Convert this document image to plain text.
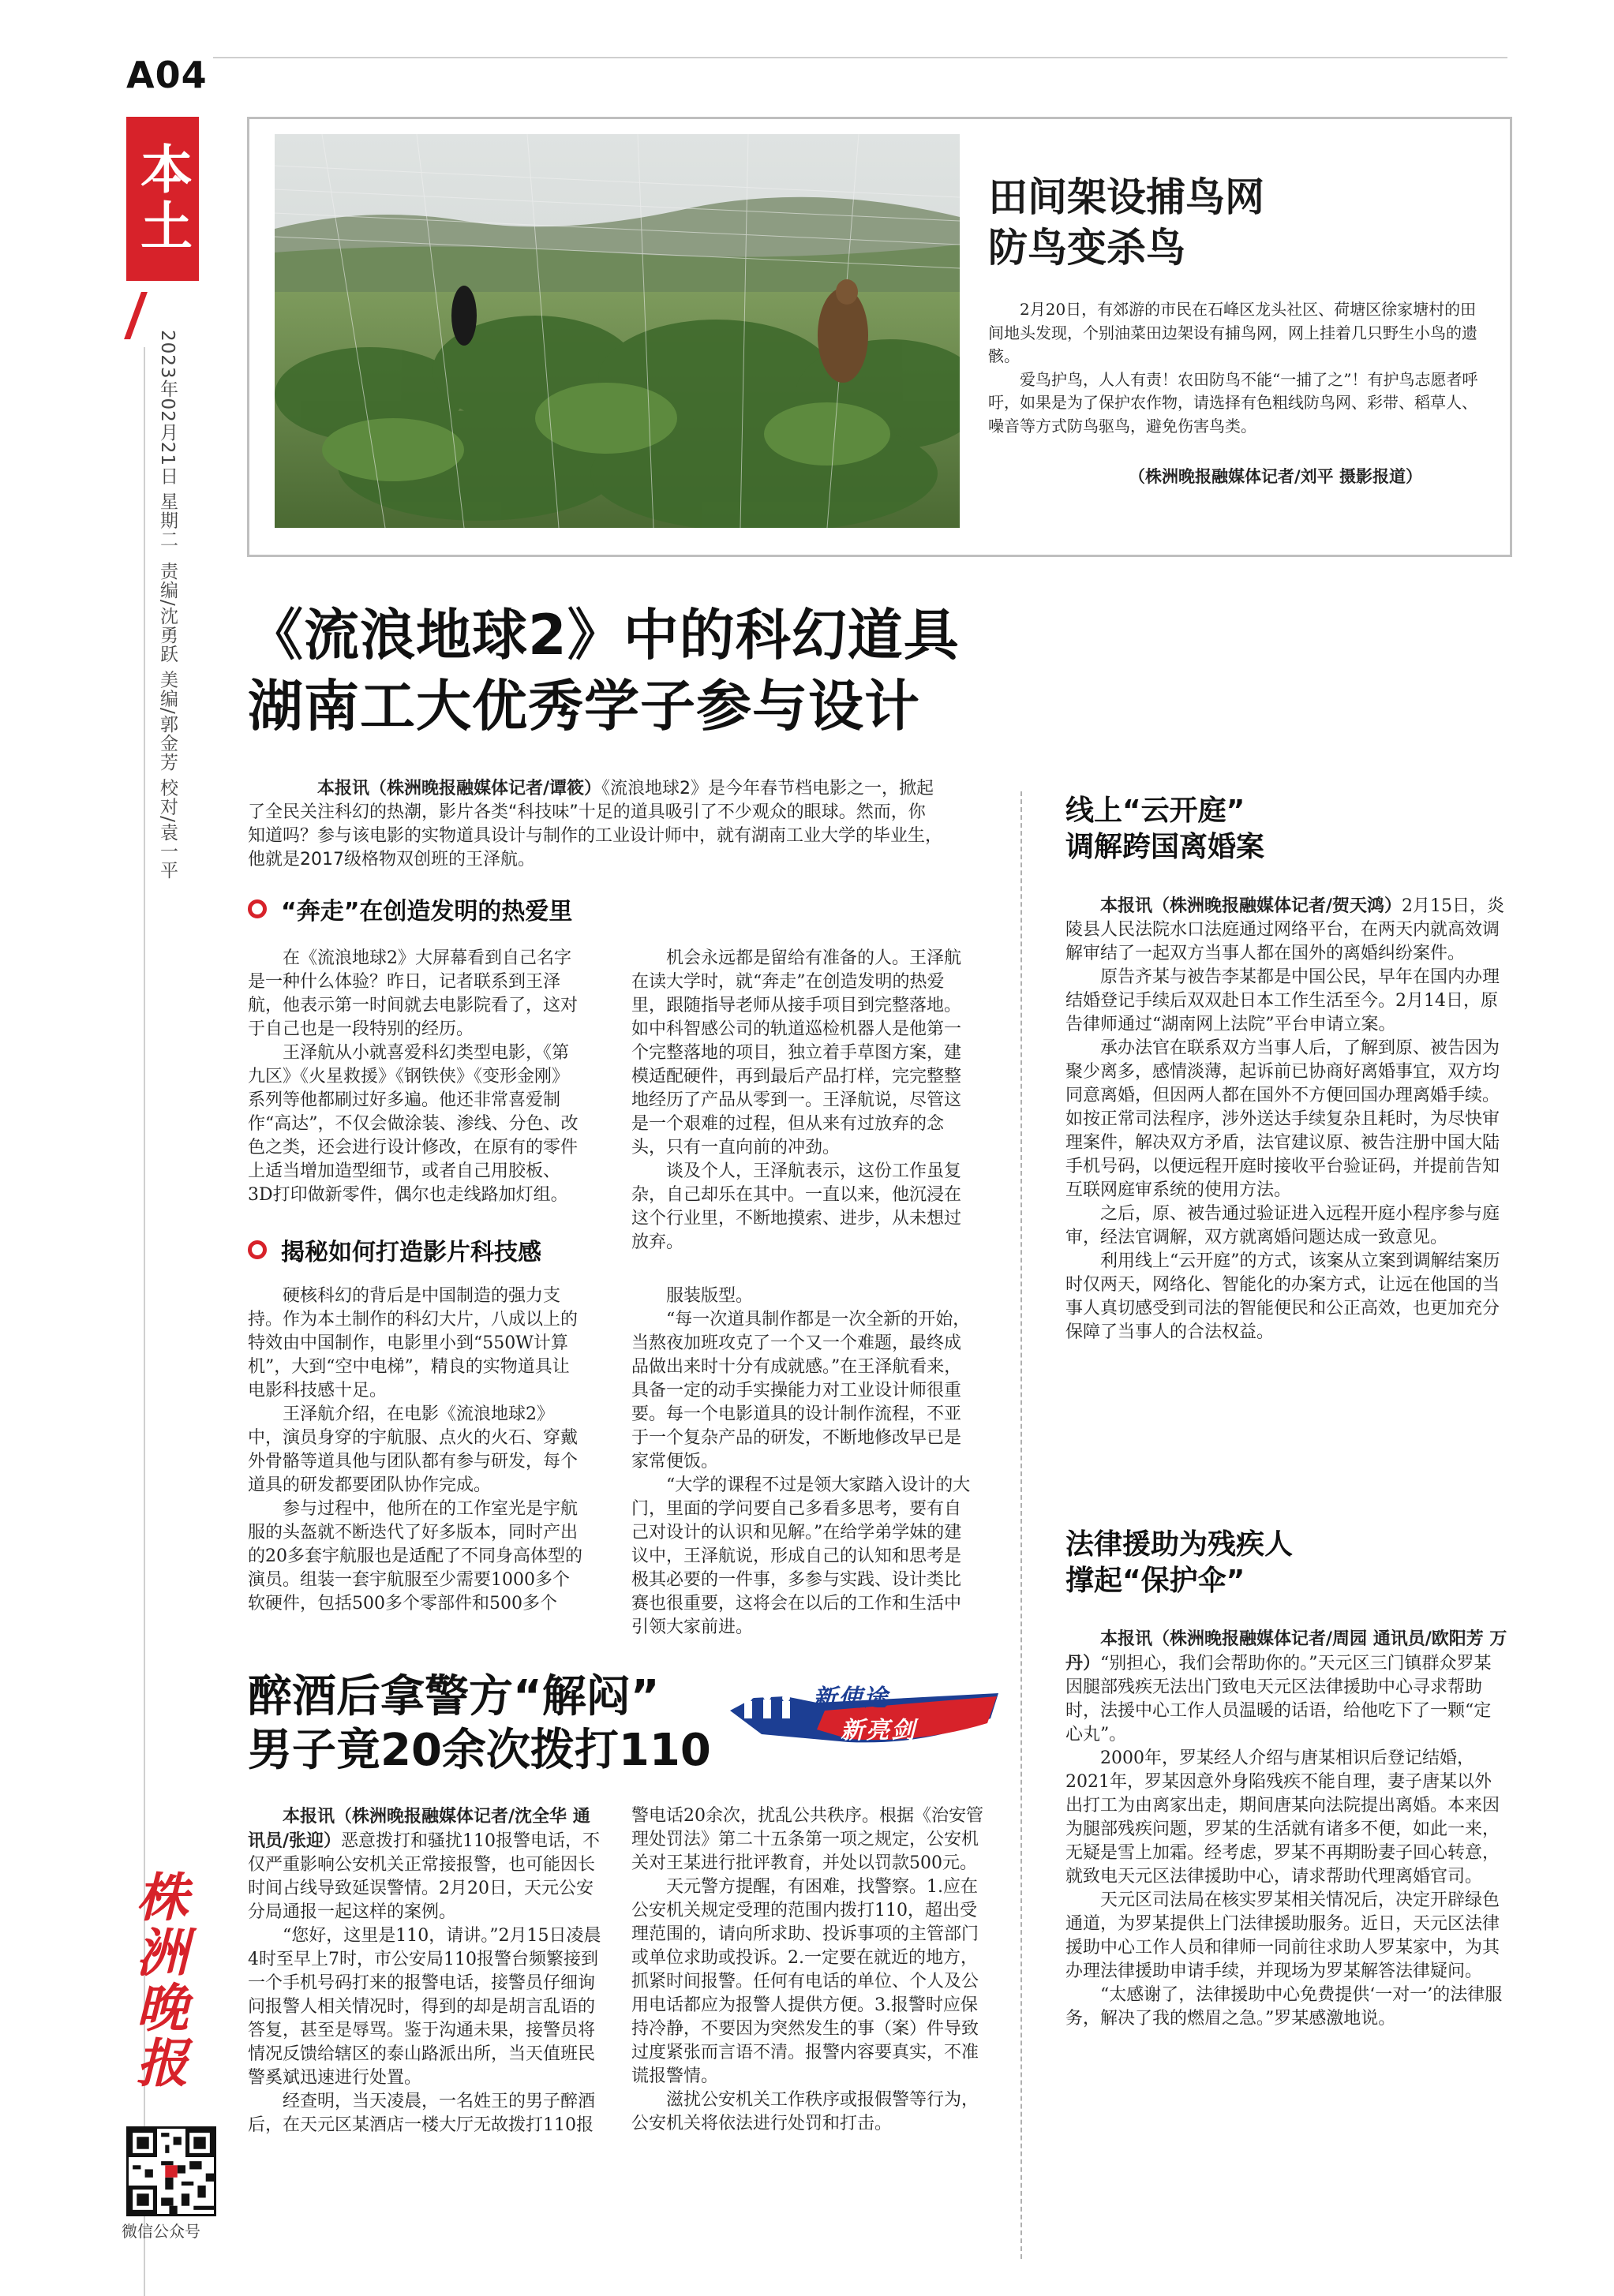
A04
本土
2023年02月21日 星期二 责编/沈勇跃 美编/郭金芳 校对/袁一平
株洲晚报
微信公众号
田间架设捕鸟网
防鸟变杀鸟

2月20日，有郊游的市民在石峰区龙头社区、荷塘区徐家塘村的田间地头发现，个别油菜田边架设有捕鸟网，网上挂着几只野生小鸟的遗骸。

爱鸟护鸟，人人有责！农田防鸟不能“一捕了之”！有护鸟志愿者呼吁，如果是为了保护农作物，请选择有色粗线防鸟网、彩带、稻草人、噪音等方式防鸟驱鸟，避免伤害鸟类。

（株洲晚报融媒体记者/刘平 摄影报道）
《流浪地球2》中的科幻道具
湖南工大优秀学子参与设计
本报讯（株洲晚报融媒体记者/谭筱）《流浪地球2》是今年春节档电影之一，掀起了全民关注科幻的热潮，影片各类“科技味”十足的道具吸引了不少观众的眼球。然而，你知道吗？参与该电影的实物道具设计与制作的工业设计师中，就有湖南工业大学的毕业生，他就是2017级格物双创班的王泽航。
“奔走”在创造发明的热爱里

在《流浪地球2》大屏幕看到自己名字是一种什么体验？昨日，记者联系到王泽航，他表示第一时间就去电影院看了，这对于自己也是一段特别的经历。

王泽航从小就喜爱科幻类型电影，《第九区》《火星救援》《钢铁侠》《变形金刚》系列等他都刷过好多遍。他还非常喜爱制作“高达”，不仅会做涂装、渗线、分色、改色之类，还会进行设计修改，在原有的零件上适当增加造型细节，或者自己用胶板、3D打印做新零件，偶尔也走线路加灯组。

机会永远都是留给有准备的人。王泽航在读大学时，就“奔走”在创造发明的热爱里，跟随指导老师从接手项目到完整落地。如中科智感公司的轨道巡检机器人是他第一个完整落地的项目，独立着手草图方案，建模适配硬件，再到最后产品打样，完完整整地经历了产品从零到一。王泽航说，尽管这是一个艰难的过程，但从来有过放弃的念头，只有一直向前的冲劲。

谈及个人，王泽航表示，这份工作虽复杂，自己却乐在其中。一直以来，他沉浸在这个行业里，不断地摸索、进步，从未想过放弃。

揭秘如何打造影片科技感

硬核科幻的背后是中国制造的强力支持。作为本土制作的科幻大片，八成以上的特效由中国制作，电影里小到“550W计算机”，大到“空中电梯”，精良的实物道具让电影科技感十足。

王泽航介绍，在电影《流浪地球2》中，演员身穿的宇航服、点火的火石、穿戴外骨骼等道具他与团队都有参与研发，每个道具的研发都要团队协作完成。

参与过程中，他所在的工作室光是宇航服的头盔就不断迭代了好多版本，同时产出的20多套宇航服也是适配了不同身高体型的演员。组装一套宇航服至少需要1000多个软硬件，包括500多个零部件和500多个

服装版型。

“每一次道具制作都是一次全新的开始，当熬夜加班攻克了一个又一个难题，最终成品做出来时十分有成就感。”在王泽航看来，具备一定的动手实操能力对工业设计师很重要。每一个电影道具的设计制作流程，不亚于一个复杂产品的研发，不断地修改早已是家常便饭。

“大学的课程不过是领大家踏入设计的大门，里面的学问要自己多看多思考，要有自己对设计的认识和见解。”在给学弟学妹的建议中，王泽航说，形成自己的认知和思考是极其必要的一件事，多参与实践、设计类比赛也很重要，这将会在以后的工作和生活中引领大家前进。

线上“云开庭”
调解跨国离婚案

本报讯（株洲晚报融媒体记者/贺天鸿）2月15日，炎陵县人民法院水口法庭通过网络平台，在两天内就高效调解审结了一起双方当事人都在国外的离婚纠纷案件。

原告齐某与被告李某都是中国公民，早年在国内办理结婚登记手续后双双赴日本工作生活至今。2月14日，原告律师通过“湖南网上法院”平台申请立案。

承办法官在联系双方当事人后，了解到原、被告因为聚少离多，感情淡薄，起诉前已协商好离婚事宜，双方均同意离婚，但因两人都在国外不方便回国办理离婚手续。如按正常司法程序，涉外送达手续复杂且耗时，为尽快审理案件，解决双方矛盾，法官建议原、被告注册中国大陆手机号码，以便远程开庭时接收平台验证码，并提前告知互联网庭审系统的使用方法。

之后，原、被告通过验证进入远程开庭小程序参与庭审，经法官调解，双方就离婚问题达成一致意见。

利用线上“云开庭”的方式，该案从立案到调解结案历时仅两天，网络化、智能化的办案方式，让远在他国的当事人真切感受到司法的智能便民和公正高效，也更加充分保障了当事人的合法权益。

法律援助为残疾人
撑起“保护伞”

本报讯（株洲晚报融媒体记者/周园 通讯员/欧阳芳 万丹）“别担心，我们会帮助你的。”天元区三门镇群众罗某因腿部残疾无法出门致电天元区法律援助中心寻求帮助时，法援中心工作人员温暖的话语，给他吃下了一颗“定心丸”。

2000年，罗某经人介绍与唐某相识后登记结婚，2021年，罗某因意外身陷残疾不能自理，妻子唐某以外出打工为由离家出走，期间唐某向法院提出离婚。本来因为腿部残疾问题，罗某的生活就有诸多不便，如此一来，无疑是雪上加霜。经考虑，罗某不再期盼妻子回心转意，就致电天元区法律援助中心，请求帮助代理离婚官司。

天元区司法局在核实罗某相关情况后，决定开辟绿色通道，为罗某提供上门法律援助服务。近日，天元区法律援助中心工作人员和律师一同前往求助人罗某家中，为其办理法律援助申请手续，并现场为罗某解答法律疑问。

“太感谢了，法律援助中心免费提供‘一对一’的法律服务，解决了我的燃眉之急。”罗某感激地说。

醉酒后拿警方“解闷”
男子竟20余次拨打110
新使途
新亮剑

本报讯（株洲晚报融媒体记者/沈全华 通讯员/张迎）恶意拨打和骚扰110报警电话，不仅严重影响公安机关正常接报警，也可能因长时间占线导致延误警情。2月20日，天元公安分局通报一起这样的案例。

“您好，这里是110，请讲。”2月15日凌晨4时至早上7时，市公安局110报警台频繁接到一个手机号码打来的报警电话，接警员仔细询问报警人相关情况时，得到的却是胡言乱语的答复，甚至是辱骂。鉴于沟通未果，接警员将情况反馈给辖区的泰山路派出所，当天值班民警奚斌迅速进行处置。

经查明，当天凌晨，一名姓王的男子醉酒后，在天元区某酒店一楼大厅无故拨打110报

警电话20余次，扰乱公共秩序。根据《治安管理处罚法》第二十五条第一项之规定，公安机关对王某进行批评教育，并处以罚款500元。

天元警方提醒，有困难，找警察。1.应在公安机关规定受理的范围内拨打110，超出受理范围的，请向所求助、投诉事项的主管部门或单位求助或投诉。2.一定要在就近的地方，抓紧时间报警。任何有电话的单位、个人及公用电话都应为报警人提供方便。3.报警时应保持冷静，不要因为突然发生的事（案）件导致过度紧张而言语不清。报警内容要真实，不准谎报警情。

滋扰公安机关工作秩序或报假警等行为，公安机关将依法进行处罚和打击。
